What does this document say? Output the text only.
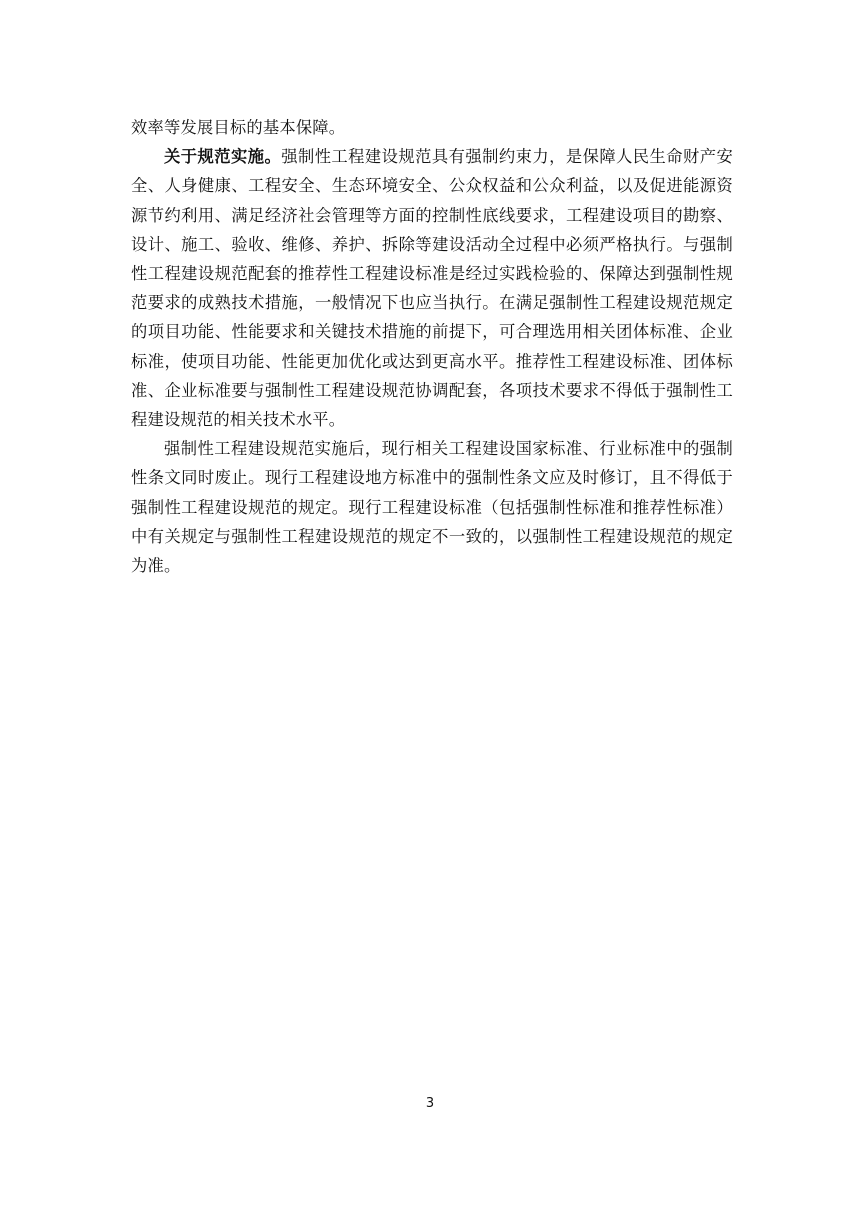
效率等发展目标的基本保障。

关于规范实施。强制性工程建设规范具有强制约束力，是保障人民生命财产安全、人身健康、工程安全、生态环境安全、公众权益和公众利益，以及促进能源资源节约利用、满足经济社会管理等方面的控制性底线要求，工程建设项目的勘察、设计、施工、验收、维修、养护、拆除等建设活动全过程中必须严格执行。与强制性工程建设规范配套的推荐性工程建设标准是经过实践检验的、保障达到强制性规范要求的成熟技术措施，一般情况下也应当执行。在满足强制性工程建设规范规定的项目功能、性能要求和关键技术措施的前提下，可合理选用相关团体标准、企业标准，使项目功能、性能更加优化或达到更高水平。推荐性工程建设标准、团体标准、企业标准要与强制性工程建设规范协调配套，各项技术要求不得低于强制性工程建设规范的相关技术水平。

强制性工程建设规范实施后，现行相关工程建设国家标准、行业标准中的强制性条文同时废止。现行工程建设地方标准中的强制性条文应及时修订，且不得低于强制性工程建设规范的规定。现行工程建设标准（包括强制性标准和推荐性标准）中有关规定与强制性工程建设规范的规定不一致的，以强制性工程建设规范的规定为准。

3
